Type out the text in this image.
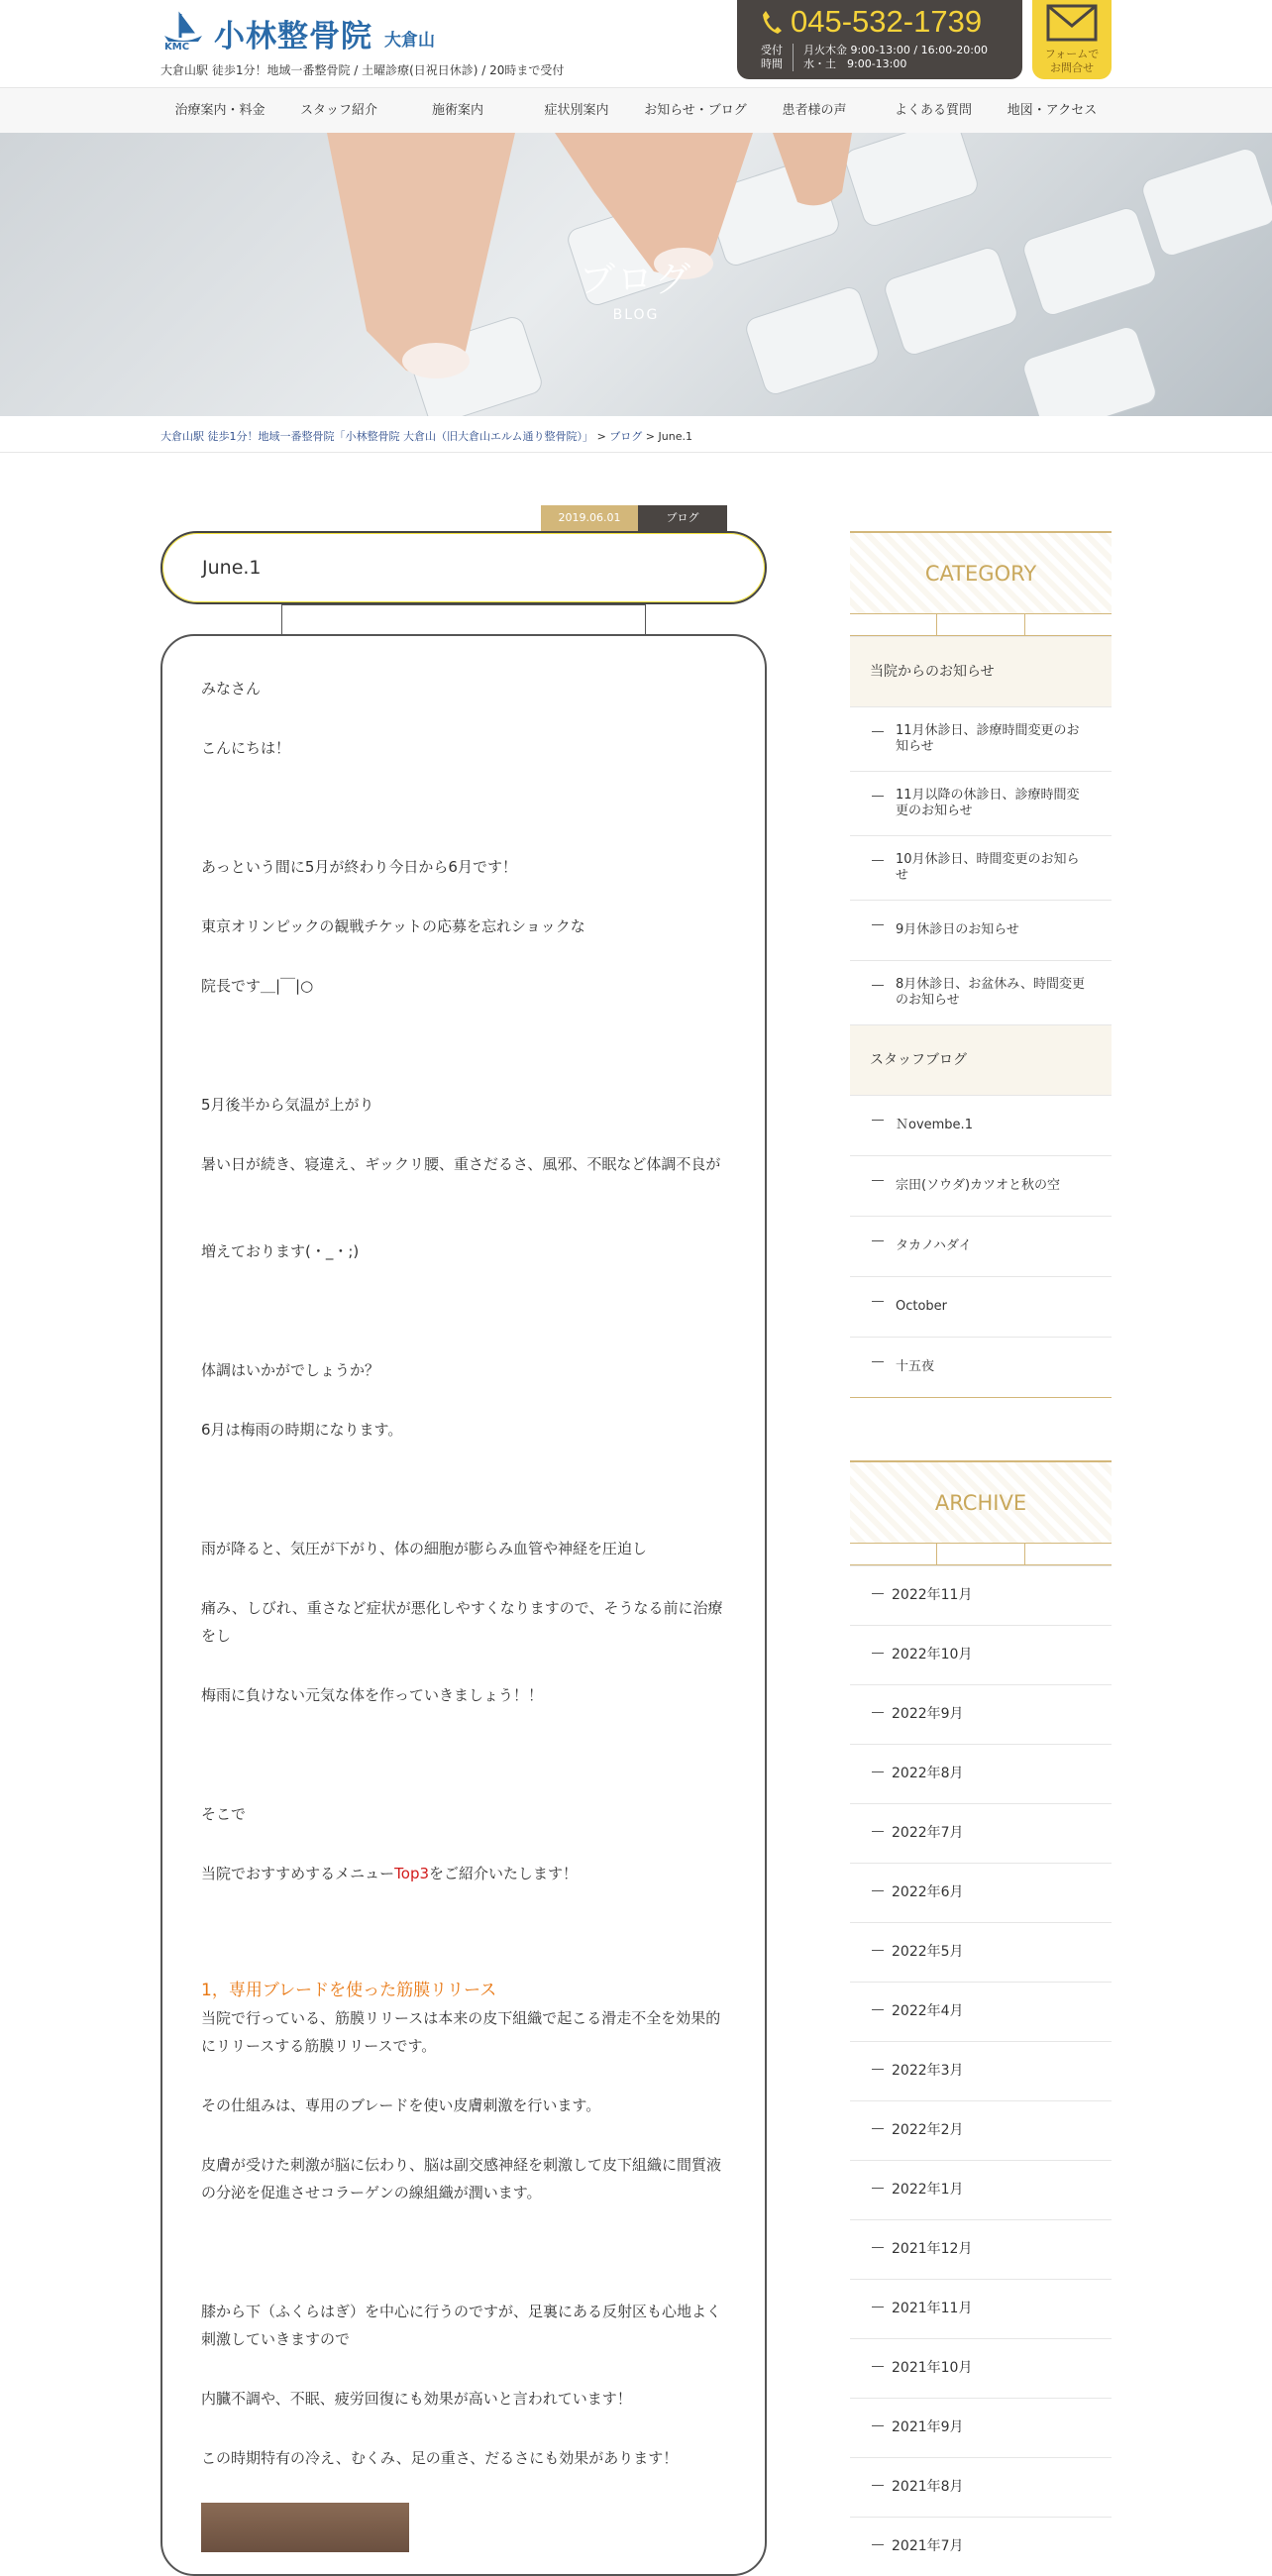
KMC 小林整骨院 大倉山
大倉山駅 徒歩1分！地域一番整骨院 / 土曜診療(日祝日休診) / 20時まで受付
045-532-1739
受付
時間
月火木金 9:00-13:00 / 16:00-20:00
水・土　9:00-13:00
フォームで
お問合せ
治療案内・料金	スタッフ紹介	施術案内	症状別案内	お知らせ・ブログ	患者様の声	よくある質問	地図・アクセス
ブログ
BLOG
大倉山駅 徒歩1分！地域一番整骨院「小林整骨院 大倉山（旧大倉山エルム通り整骨院）」 > ブログ > June.1
2019.06.01	ブログ
June.1
みなさん
こんにちは！
あっという間に5月が終わり今日から6月です！
東京オリンピックの観戦チケットの応募を忘れショックな
院長です＿|￣|○
5月後半から気温が上がり
暑い日が続き、寝違え、ギックリ腰、重さだるさ、風邪、不眠など体調不良が
増えております(・_・;)
体調はいかがでしょうか？
6月は梅雨の時期になります。
雨が降ると、気圧が下がり、体の細胞が膨らみ血管や神経を圧迫し
痛み、しびれ、重さなど症状が悪化しやすくなりますので、そうなる前に治療をし
梅雨に負けない元気な体を作っていきましょう！！
そこで
当院でおすすめするメニューTop3をご紹介いたします！
1，専用ブレードを使った筋膜リリース
当院で行っている、筋膜リリースは本来の皮下組織で起こる滑走不全を効果的にリリースする筋膜リリースです。
その仕組みは、専用のブレードを使い皮膚刺激を行います。
皮膚が受けた刺激が脳に伝わり、脳は副交感神経を刺激して皮下組織に間質液の分泌を促進させコラーゲンの線組織が潤います。
膝から下（ふくらはぎ）を中心に行うのですが、足裏にある反射区も心地よく刺激していきますので
内臓不調や、不眠、疲労回復にも効果が高いと言われています！
この時期特有の冷え、むくみ、足の重さ、だるさにも効果があります！
CATEGORY
当院からのお知らせ
11月休診日、診療時間変更のお知らせ
11月以降の休診日、診療時間変更のお知らせ
10月休診日、時間変更のお知らせ
9月休診日のお知らせ
8月休診日、お盆休み、時間変更のお知らせ
スタッフブログ
Ｎovembe.1
宗田(ソウダ)カツオと秋の空
タカノハダイ
October
十五夜
ARCHIVE
2022年11月
2022年10月
2022年9月
2022年8月
2022年7月
2022年6月
2022年5月
2022年4月
2022年3月
2022年2月
2022年1月
2021年12月
2021年11月
2021年10月
2021年9月
2021年8月
2021年7月
